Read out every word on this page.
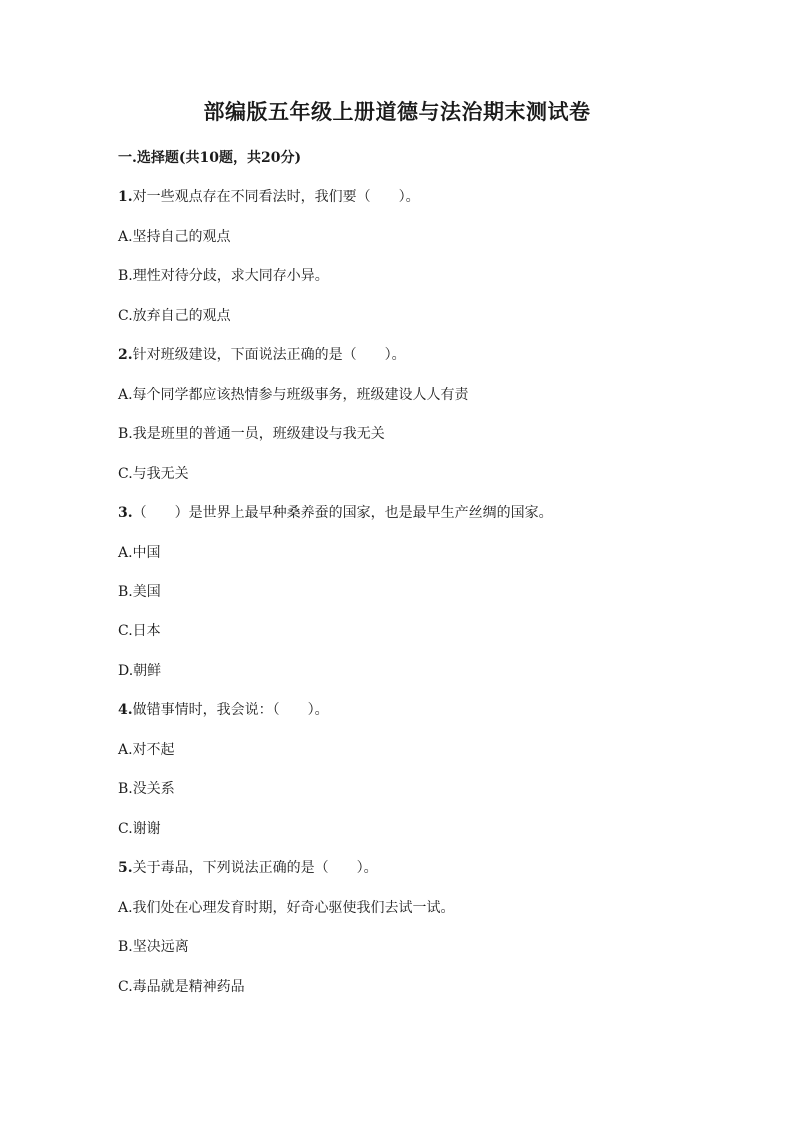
部编版五年级上册道德与法治期末测试卷
一.选择题(共10题，共20分)
1.对一些观点存在不同看法时，我们要（　　）。
A.坚持自己的观点
B.理性对待分歧，求大同存小异。
C.放弃自己的观点
2.针对班级建设，下面说法正确的是（　　）。
A.每个同学都应该热情参与班级事务，班级建设人人有责
B.我是班里的普通一员，班级建设与我无关
C.与我无关
3.（　　）是世界上最早种桑养蚕的国家，也是最早生产丝绸的国家。
A.中国
B.美国
C.日本
D.朝鲜
4.做错事情时，我会说：（　　）。
A.对不起
B.没关系
C.谢谢
5.关于毒品，下列说法正确的是（　　）。
A.我们处在心理发育时期，好奇心驱使我们去试一试。
B.坚决远离
C.毒品就是精神药品
